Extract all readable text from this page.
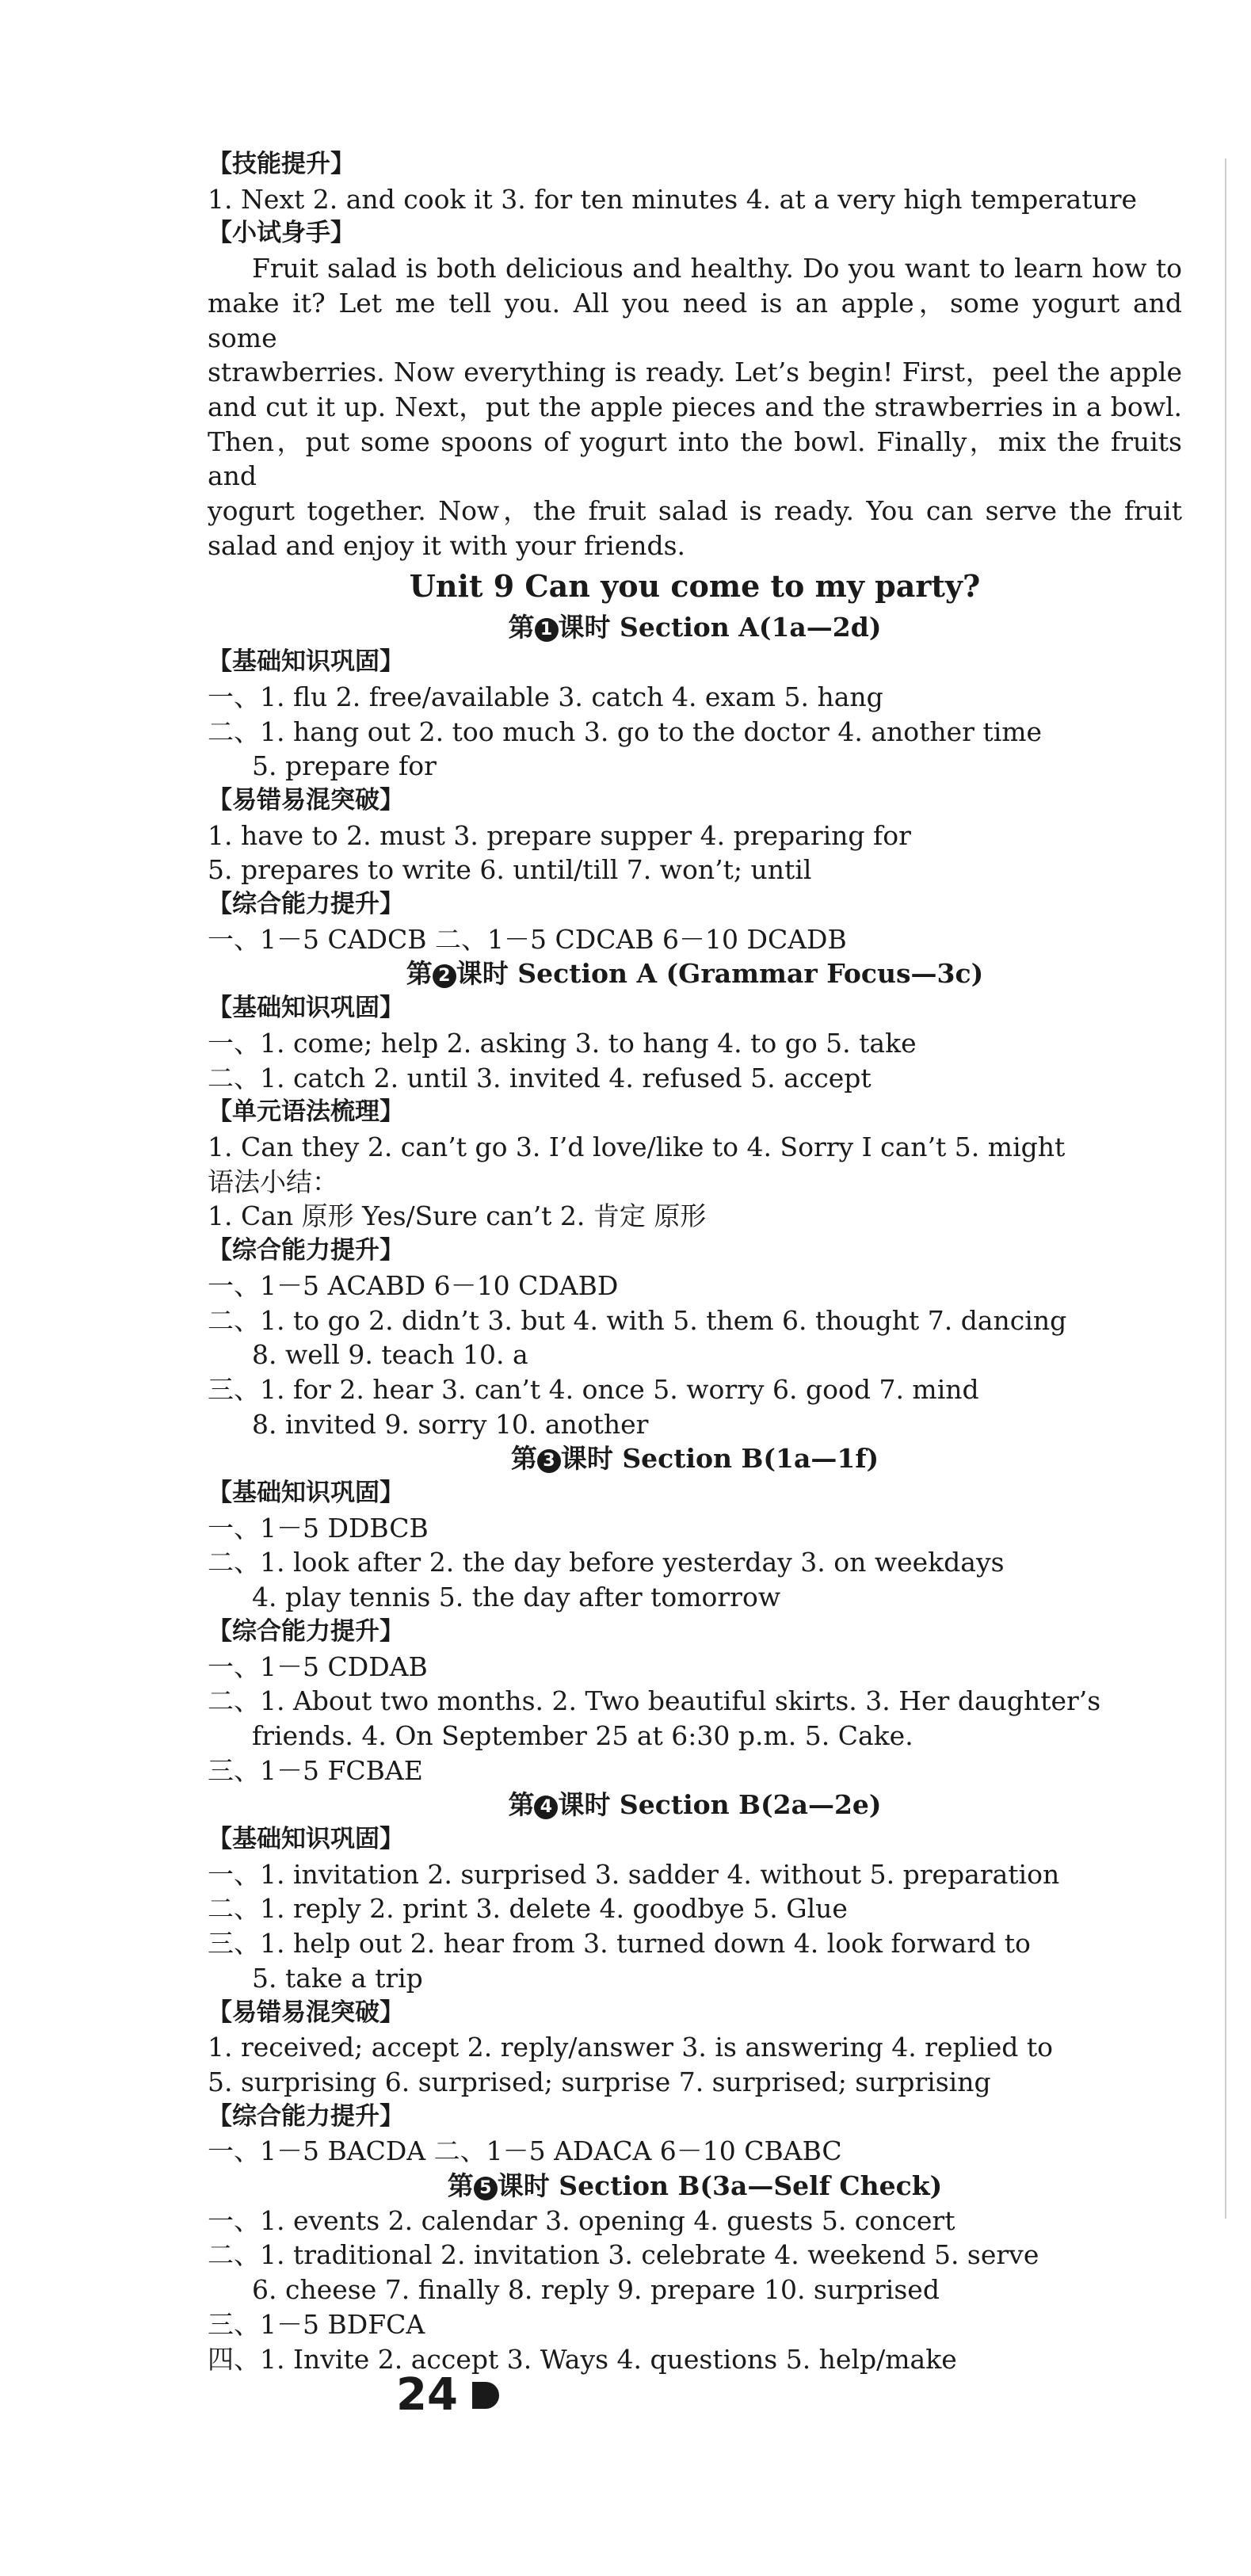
【技能提升】
1. Next 2. and cook it 3. for ten minutes 4. at a very high temperature
【小试身手】
Fruit salad is both delicious and healthy. Do you want to learn how to
make it? Let me tell you. All you need is an apple，some yogurt and some
strawberries. Now everything is ready. Let’s begin! First，peel the apple
and cut it up. Next，put the apple pieces and the strawberries in a bowl.
Then，put some spoons of yogurt into the bowl. Finally，mix the fruits and
yogurt together. Now，the fruit salad is ready. You can serve the fruit
salad and enjoy it with your friends.
Unit 9 Can you come to my party?
第 1 课时 Section A(1a—2d)
【基础知识巩固】
一、1. flu 2. free/available 3. catch 4. exam 5. hang
二、1. hang out 2. too much 3. go to the doctor 4. another time
5. prepare for
【易错易混突破】
1. have to 2. must 3. prepare supper 4. preparing for
5. prepares to write 6. until/till 7. won’t; until
【综合能力提升】
一、1－5 CADCB 二、1－5 CDCAB 6－10 DCADB
第 2 课时 Section A (Grammar Focus—3c)
【基础知识巩固】
一、1. come; help 2. asking 3. to hang 4. to go 5. take
二、1. catch 2. until 3. invited 4. refused 5. accept
【单元语法梳理】
1. Can they 2. can’t go 3. I’d love/like to 4. Sorry I can’t 5. might
语法小结：
1. Can 原形 Yes/Sure can’t 2. 肯定 原形
【综合能力提升】
一、1－5 ACABD 6－10 CDABD
二、1. to go 2. didn’t 3. but 4. with 5. them 6. thought 7. dancing
8. well 9. teach 10. a
三、1. for 2. hear 3. can’t 4. once 5. worry 6. good 7. mind
8. invited 9. sorry 10. another
第 3 课时 Section B(1a—1f)
【基础知识巩固】
一、1－5 DDBCB
二、1. look after 2. the day before yesterday 3. on weekdays
4. play tennis 5. the day after tomorrow
【综合能力提升】
一、1－5 CDDAB
二、1. About two months. 2. Two beautiful skirts. 3. Her daughter’s
friends. 4. On September 25 at 6:30 p.m. 5. Cake.
三、1－5 FCBAE
第 4 课时 Section B(2a—2e)
【基础知识巩固】
一、1. invitation 2. surprised 3. sadder 4. without 5. preparation
二、1. reply 2. print 3. delete 4. goodbye 5. Glue
三、1. help out 2. hear from 3. turned down 4. look forward to
5. take a trip
【易错易混突破】
1. received; accept 2. reply/answer 3. is answering 4. replied to
5. surprising 6. surprised; surprise 7. surprised; surprising
【综合能力提升】
一、1－5 BACDA 二、1－5 ADACA 6－10 CBABC
第 5 课时 Section B(3a—Self Check)
一、1. events 2. calendar 3. opening 4. guests 5. concert
二、1. traditional 2. invitation 3. celebrate 4. weekend 5. serve
6. cheese 7. finally 8. reply 9. prepare 10. surprised
三、1－5 BDFCA
四、1. Invite 2. accept 3. Ways 4. questions 5. help/make
24
